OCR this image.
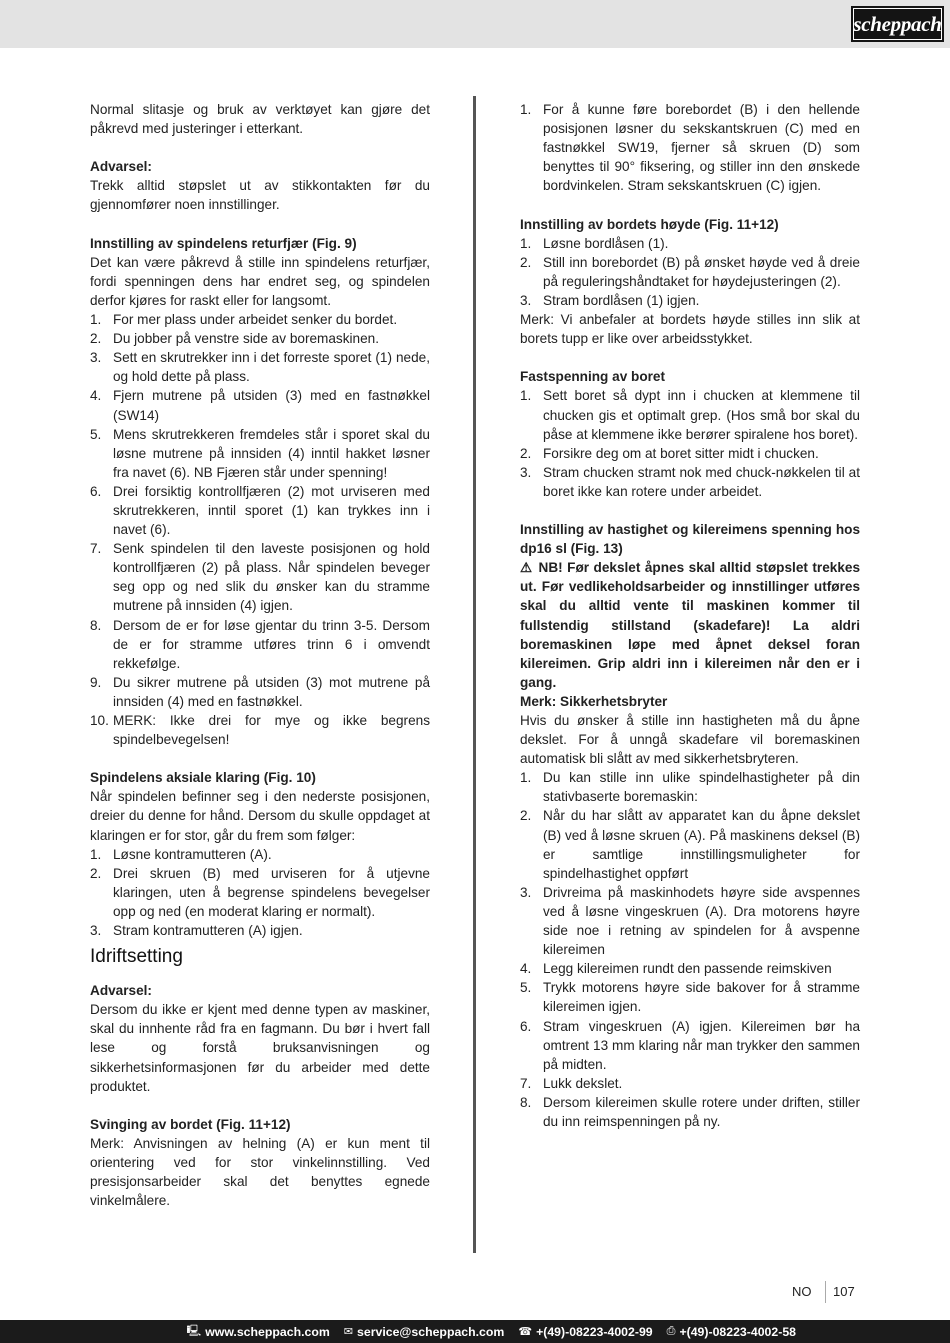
scheppach

Normal slitasje og bruk av verktøyet kan gjøre det påkrevd med justeringer i etterkant.

Advarsel:

Trekk alltid støpslet ut av stikkontakten før du gjennomfører noen innstillinger.

Innstilling av spindelens returfjær (Fig. 9)

Det kan være påkrevd å stille inn spindelens returfjær, fordi spenningen dens har endret seg, og spindelen derfor kjøres for raskt eller for langsomt.

1. For mer plass under arbeidet senker du bordet.
2. Du jobber på venstre side av boremaskinen.
3. Sett en skrutrekker inn i det forreste sporet (1) nede, og hold dette på plass.
4. Fjern mutrene på utsiden (3) med en fastnøkkel (SW14)
5. Mens skrutrekkeren fremdeles står i sporet skal du løsne mutrene på innsiden (4) inntil hakket løsner fra navet (6). NB Fjæren står under spenning!
6. Drei forsiktig kontrollfjæren (2) mot urviseren med skrutrekkeren, inntil sporet (1) kan trykkes inn i navet (6).
7. Senk spindelen til den laveste posisjonen og hold kontrollfjæren (2) på plass. Når spindelen beveger seg opp og ned slik du ønsker kan du stramme mutrene på innsiden (4) igjen.
8. Dersom de er for løse gjentar du trinn 3-5. Dersom de er for stramme utføres trinn 6 i omvendt rekkefølge.
9. Du sikrer mutrene på utsiden (3) mot mutrene på innsiden (4) med en fastnøkkel.
10. MERK: Ikke drei for mye og ikke begrens spindelbevegelsen!

Spindelens aksiale klaring (Fig. 10)

Når spindelen befinner seg i den nederste posisjonen, dreier du denne for hånd. Dersom du skulle oppdaget at klaringen er for stor, går du frem som følger:

1. Løsne kontramutteren (A).
2. Drei skruen (B) med urviseren for å utjevne klaringen, uten å begrense spindelens bevegelser opp og ned (en moderat klaring er normalt).
3. Stram kontramutteren (A) igjen.
Idriftsetting

Advarsel:

Dersom du ikke er kjent med denne typen av maskiner, skal du innhente råd fra en fagmann. Du bør i hvert fall lese og forstå bruksanvisningen og sikkerhetsinformasjonen før du arbeider med dette produktet.

Svinging av bordet (Fig. 11+12)

Merk: Anvisningen av helning (A) er kun ment til orientering ved for stor vinkelinnstilling. Ved presisjonsarbeider skal det benyttes egnede vinkelmålere.

1. For å kunne føre borebordet (B) i den hellende posisjonen løsner du sekskantskruen (C) med en fastnøkkel SW19, fjerner så skruen (D) som benyttes til 90° fiksering, og stiller inn den ønskede bordvinkelen. Stram sekskantskruen (C) igjen.

Innstilling av bordets høyde (Fig. 11+12)

1. Løsne bordlåsen (1).
2. Still inn borebordet (B) på ønsket høyde ved å dreie på reguleringshåndtaket for høydejusteringen (2).
3. Stram bordlåsen (1) igjen.

Merk: Vi anbefaler at bordets høyde stilles inn slik at borets tupp er like over arbeidsstykket.

Fastspenning av boret

1. Sett boret så dypt inn i chucken at klemmene til chucken gis et optimalt grep. (Hos små bor skal du påse at klemmene ikke berører spiralene hos boret).
2. Forsikre deg om at boret sitter midt i chucken.
3. Stram chucken stramt nok med chuck-nøkkelen til at boret ikke kan rotere under arbeidet.

Innstilling av hastighet og kilereimens spenning hos dp16 sl (Fig. 13)

⚠ NB! Før dekslet åpnes skal alltid støpslet trekkes ut. Før vedlikeholdsarbeider og innstillinger utføres skal du alltid vente til maskinen kommer til fullstendig stillstand (skadefare)! La aldri boremaskinen løpe med åpnet deksel foran kilereimen. Grip aldri inn i kilereimen når den er i gang.

Merk: Sikkerhetsbryter

Hvis du ønsker å stille inn hastigheten må du åpne dekslet. For å unngå skadefare vil boremaskinen automatisk bli slått av med sikkerhetsbryteren.

1. Du kan stille inn ulike spindelhastigheter på din stativbaserte boremaskin:
2. Når du har slått av apparatet kan du åpne dekslet (B) ved å løsne skruen (A). På maskinens deksel (B) er samtlige innstillingsmuligheter for spindelhastighet oppført
3. Drivreima på maskinhodets høyre side avspennes ved å løsne vingeskruen (A). Dra motorens høyre side noe i retning av spindelen for å avspenne kilereimen
4. Legg kilereimen rundt den passende reimskiven
5. Trykk motorens høyre side bakover for å stramme kilereimen igjen.
6. Stram vingeskruen (A) igjen. Kilereimen bør ha omtrent 13 mm klaring når man trykker den sammen på midten.
7. Lukk dekslet.
8. Dersom kilereimen skulle rotere under driften, stiller du inn reimspenningen på ny.
NO 107
🖳 www.scheppach.com ✉ service@scheppach.com ☎ +(49)-08223-4002-99 ⎙ +(49)-08223-4002-58
